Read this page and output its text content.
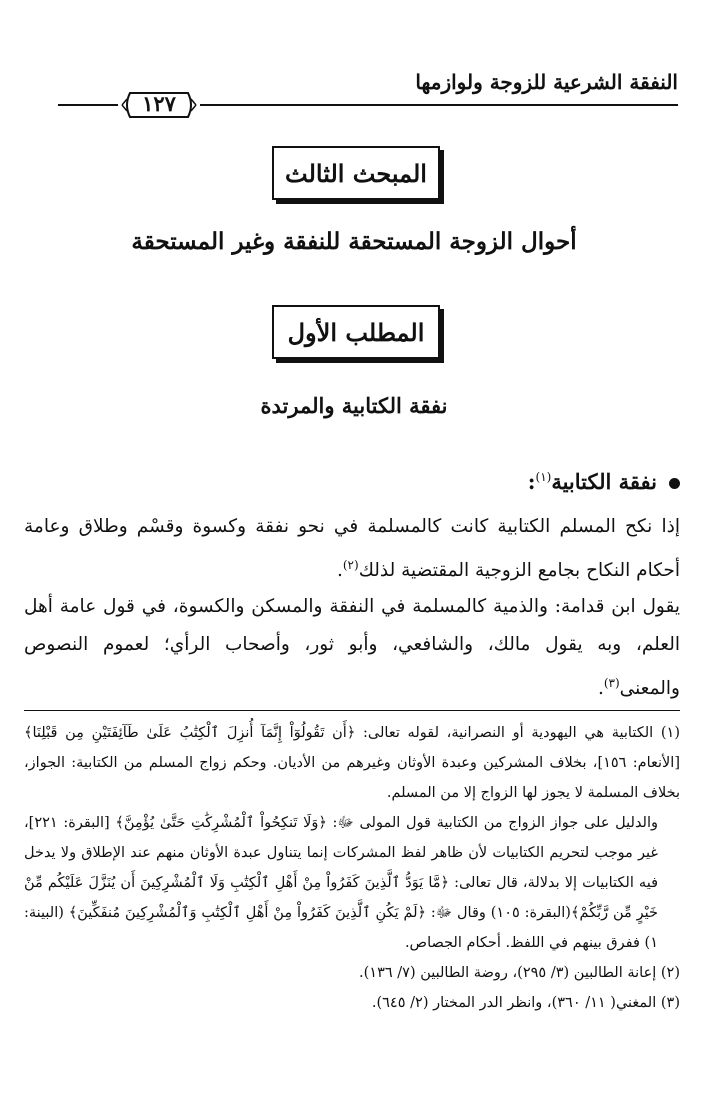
النفقة الشرعية للزوجة ولوازمها
١٢٧
المبحث الثالث
أحوال الزوجة المستحقة للنفقة وغير المستحقة
المطلب الأول
نفقة الكتابية والمرتدة
نفقة الكتابية$^{(١)}$:
إذا نكح المسلم الكتابية كانت كالمسلمة في نحو نفقة وكسوة وقسْم وطلاق وعامة أحكام النكاح بجامع الزوجية المقتضية لذلك$^{(٢)}$.
يقول ابن قدامة: والذمية كالمسلمة في النفقة والمسكن والكسوة، في قول عامة أهل العلم، وبه يقول مالك، والشافعي، وأبو ثور، وأصحاب الرأي؛ لعموم النصوص والمعنى$^{(٣)}$.

(١) الكتابية هي اليهودية أو النصرانية، لقوله تعالى: ﴿أَن تَقُولُوٓاْ إِنَّمَآ أُنزِلَ ٱلْكِتَٰبُ عَلَىٰ طَآئِفَتَيْنِ مِن قَبْلِنَا﴾ [الأنعام: ١٥٦]، بخلاف المشركين وعبدة الأوثان وغيرهم من الأديان. وحكم زواج المسلم من الكتابية: الجواز، بخلاف المسلمة لا يجوز لها الزواج إلا من المسلم.

والدليل على جواز الزواج من الكتابية قول المولى ﷻ: ﴿وَلَا تَنكِحُواْ ٱلْمُشْرِكَٰتِ حَتَّىٰ يُؤْمِنَّ﴾ [البقرة: ٢٢١]، غير موجب لتحريم الكتابيات لأن ظاهر لفظ المشركات إنما يتناول عبدة الأوثان منهم عند الإطلاق ولا يدخل فيه الكتابيات إلا بدلالة، قال تعالى: ﴿مَّا يَوَدُّ ٱلَّذِينَ كَفَرُواْ مِنْ أَهْلِ ٱلْكِتَٰبِ وَلَا ٱلْمُشْرِكِينَ أَن يُنَزَّلَ عَلَيْكُم مِّنْ خَيْرٍ مِّن رَّبِّكُمْ﴾(البقرة: ١٠٥) وقال ﷻ: ﴿لَمْ يَكُنِ ٱلَّذِينَ كَفَرُواْ مِنْ أَهْلِ ٱلْكِتَٰبِ وَٱلْمُشْرِكِينَ مُنفَكِّينَ﴾ (البينة: ١) ففرق بينهم في اللفظ. أحكام الجصاص.

(٢) إعانة الطالبين (٣/ ٢٩٥)، روضة الطالبين (٧/ ١٣٦).

(٣) المغني( ١١/ ٣٦٠)، وانظر الدر المختار (٢/ ٦٤٥).
